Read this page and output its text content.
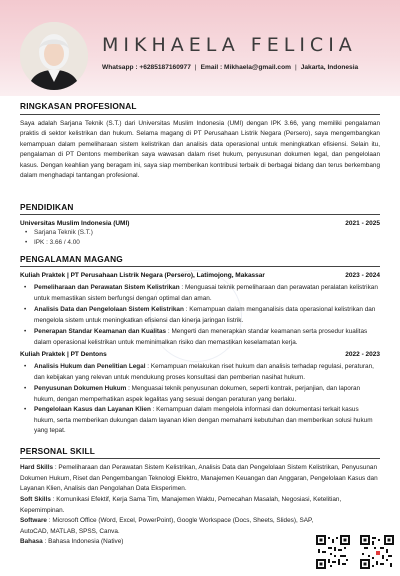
MIKHAELA FELICIA
Whatsapp : +6285187160977 | Email : Mikhaela@gmail.com | Jakarta, Indonesia
RINGKASAN PROFESIONAL
Saya adalah Sarjana Teknik (S.T.) dari Universitas Muslim Indonesia (UMI) dengan IPK 3.66, yang memiliki pengalaman praktis di sektor kelistrikan dan hukum. Selama magang di PT Perusahaan Listrik Negara (Persero), saya mengembangkan kemampuan dalam pemeliharaan sistem kelistrikan dan analisis data operasional untuk meningkatkan efisiensi. Selain itu, pengalaman di PT Dentons memberikan saya wawasan dalam riset hukum, penyusunan dokumen legal, dan pengelolaan kasus. Dengan keahlian yang beragam ini, saya siap memberikan kontribusi terbaik di berbagai bidang dan terus berkembang dalam menghadapi tantangan profesional.
PENDIDIKAN
Universitas Muslim Indonesia (UMI)	2021 - 2025
• Sarjana Teknik (S.T.)
• IPK : 3.66 / 4.00
PENGALAMAN MAGANG
Kuliah Praktek | PT Perusahaan Listrik Negara (Persero), Latimojong, Makassar	2023 - 2024
• Pemeliharaan dan Perawatan Sistem Kelistrikan : Menguasai teknik pemeliharaan dan perawatan peralatan kelistrikan untuk memastikan sistem berfungsi dengan optimal dan aman.
• Analisis Data dan Pengelolaan Sistem Kelistrikan : Kemampuan dalam menganalisis data operasional kelistrikan dan mengelola sistem untuk meningkatkan efisiensi dan kinerja jaringan listrik.
• Penerapan Standar Keamanan dan Kualitas : Mengerti dan menerapkan standar keamanan serta prosedur kualitas dalam operasional kelistrikan untuk meminimalkan risiko dan memastikan keselamatan kerja.
Kuliah Praktek | PT Dentons	2022 - 2023
• Analisis Hukum dan Penelitian Legal : Kemampuan melakukan riset hukum dan analisis terhadap regulasi, peraturan, dan kebijakan yang relevan untuk mendukung proses konsultasi dan pemberian nasihat hukum.
• Penyusunan Dokumen Hukum : Menguasai teknik penyusunan dokumen, seperti kontrak, perjanjian, dan laporan hukum, dengan memperhatikan aspek legalitas yang sesuai dengan peraturan yang berlaku.
• Pengelolaan Kasus dan Layanan Klien : Kemampuan dalam mengelola informasi dan dokumentasi terkait kasus hukum, serta memberikan dukungan dalam layanan klien dengan memahami kebutuhan dan memberikan solusi hukum yang tepat.
PERSONAL SKILL
Hard Skills : Pemeliharaan dan Perawatan Sistem Kelistrikan, Analisis Data dan Pengelolaan Sistem Kelistrikan, Penyusunan Dokumen Hukum, Riset dan Pengembangan Teknologi Elektro, Manajemen Keuangan dan Anggaran, Pengelolaan Kasus dan Layanan Klien, Analisis dan Pengolahan Data Eksperimen.
Soft Skills : Komunikasi Efektif, Kerja Sama Tim, Manajemen Waktu, Pemecahan Masalah, Negosiasi, Ketelitian, Kepemimpinan.
Software : Microsoft Office (Word, Excel, PowerPoint), Google Workspace (Docs, Sheets, Slides), SAP, AutoCAD, MATLAB, SPSS, Canva.
Bahasa : Bahasa Indonesia (Native)
